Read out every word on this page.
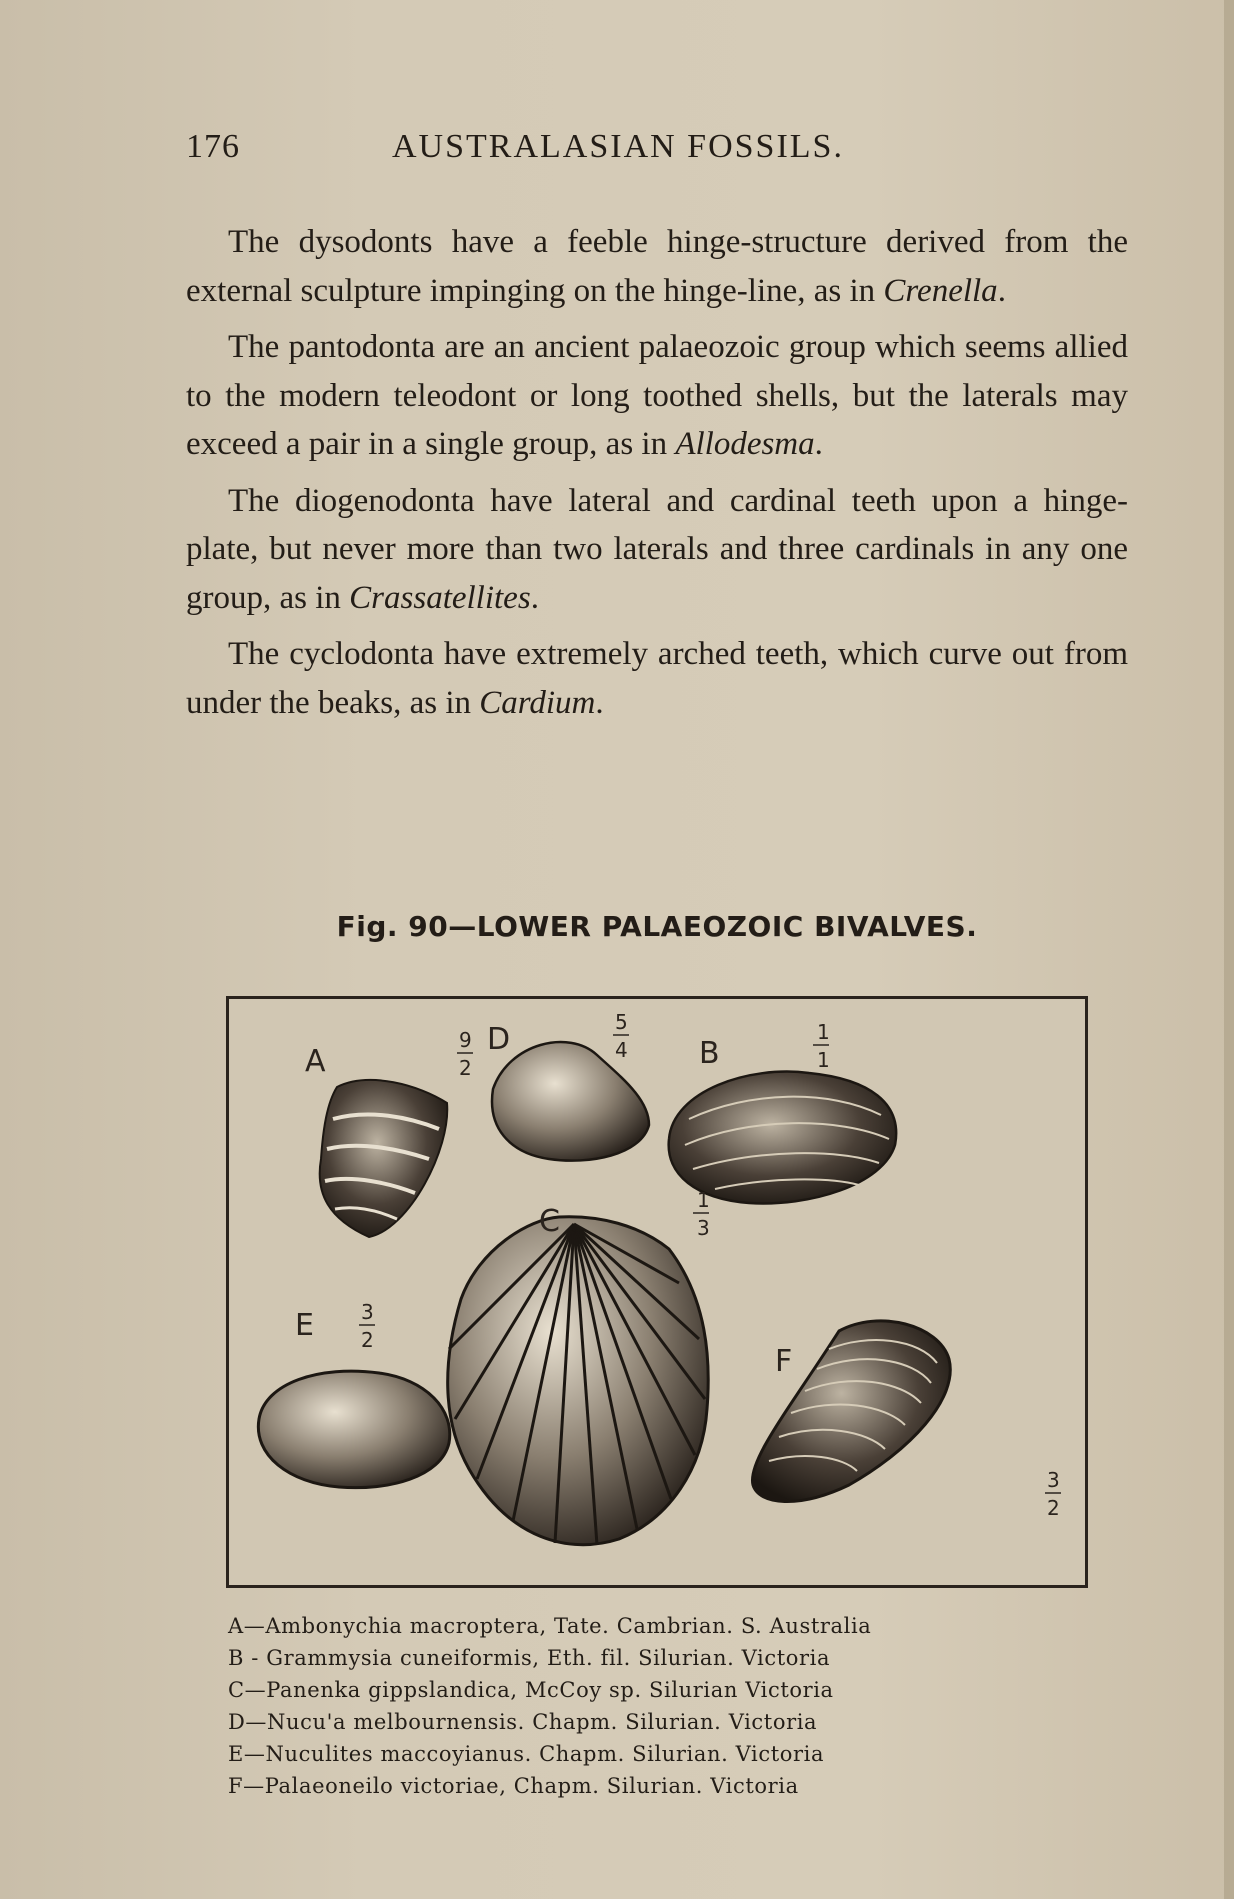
176	AUSTRALASIAN FOSSILS.

The dysodonts have a feeble hinge-structure derived from the external sculpture impinging on the hinge-line, as in Crenella.

The pantodonta are an ancient palaeozoic group which seems allied to the modern teleodont or long toothed shells, but the laterals may exceed a pair in a single group, as in Allodesma.

The diogenodonta have lateral and cardinal teeth upon a hinge-plate, but never more than two laterals and three cardinals in any one group, as in Crassatellites.

The cyclodonta have extremely arched teeth, which curve out from under the beaks, as in Cardium.

Fig. 90—LOWER PALAEOZOIC BIVALVES.
A
9
2
D	5
4 B
1
1
C
1
3
E 3
2
F
3
2
A—Ambonychia macroptera, Tate. Cambrian. S. Australia
B - Grammysia cuneiformis, Eth. fil. Silurian. Victoria
C—Panenka gippslandica, McCoy sp. Silurian Victoria
D—Nucu'a melbournensis. Chapm. Silurian. Victoria
E—Nuculites maccoyianus. Chapm. Silurian. Victoria
F—Palaeoneilo victoriae, Chapm. Silurian. Victoria
